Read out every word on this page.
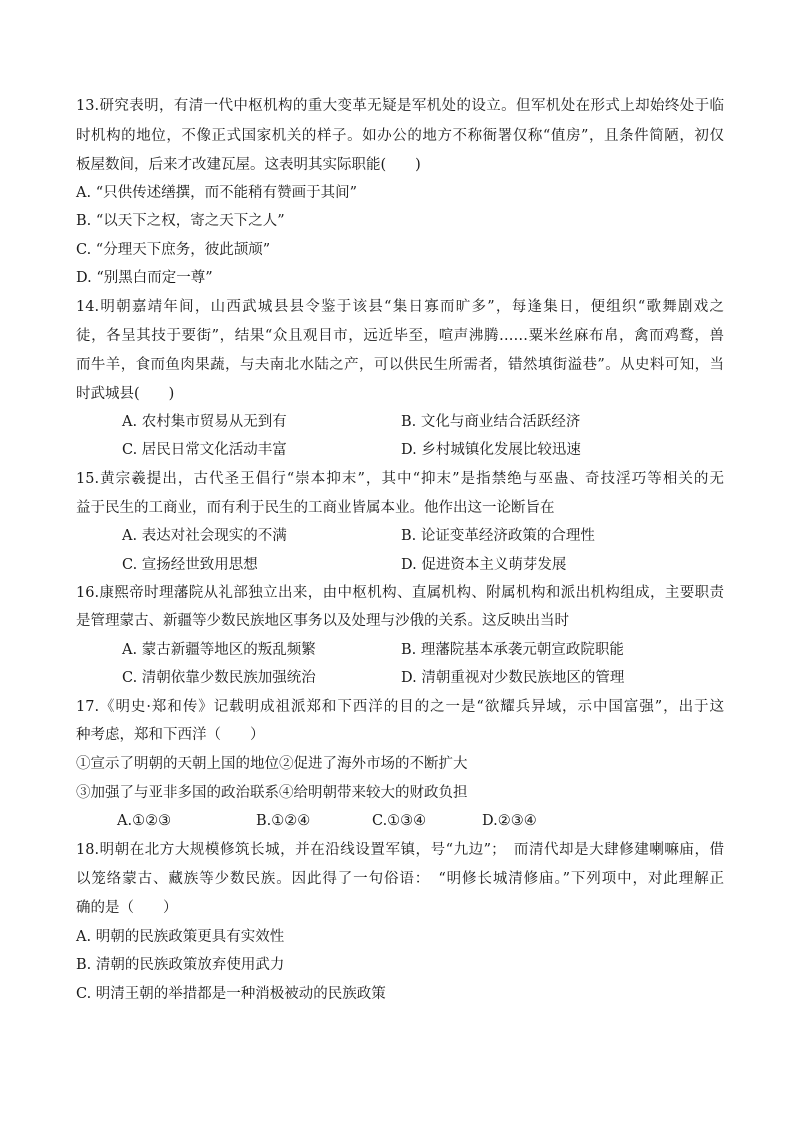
13.研究表明，有清一代中枢机构的重大变革无疑是军机处的设立。但军机处在形式上却始终处于临
时机构的地位，不像正式国家机关的样子。如办公的地方不称衙署仅称“值房”，且条件简陋，初仅
板屋数间，后来才改建瓦屋。这表明其实际职能(　　)
A. “只供传述缮撰，而不能稍有赞画于其间”
B. “以天下之权，寄之天下之人”
C. “分理天下庶务，彼此颉颃”
D. “别黑白而定一尊”
14.明朝嘉靖年间，山西武城县县令鉴于该县“集日寡而旷多”，每逢集日，便组织“歌舞剧戏之
徒，各呈其技于要街”，结果“众且观目市，远近毕至，喧声沸腾……粟米丝麻布帛，禽而鸡鹜，兽
而牛羊，食而鱼肉果蔬，与夫南北水陆之产，可以供民生所需者，错然填街溢巷”。从史料可知，当
时武城县(　　)
A. 农村集市贸易从无到有	B. 文化与商业结合活跃经济
C. 居民日常文化活动丰富	D. 乡村城镇化发展比较迅速
15.黄宗羲提出，古代圣王倡行“崇本抑末”，其中“抑末”是指禁绝与巫蛊、奇技淫巧等相关的无
益于民生的工商业，而有利于民生的工商业皆属本业。他作出这一论断旨在
A. 表达对社会现实的不满	B. 论证变革经济政策的合理性
C. 宣扬经世致用思想	D. 促进资本主义萌芽发展
16.康熙帝时理藩院从礼部独立出来，由中枢机构、直属机构、附属机构和派出机构组成，主要职责
是管理蒙古、新疆等少数民族地区事务以及处理与沙俄的关系。这反映出当时
A. 蒙古新疆等地区的叛乱频繁	B. 理藩院基本承袭元朝宣政院职能
C. 清朝依靠少数民族加强统治	D. 清朝重视对少数民族地区的管理
17.《明史·郑和传》记载明成祖派郑和下西洋的目的之一是“欲耀兵异域，示中国富强”，出于这
种考虑，郑和下西洋（　　）
①宣示了明朝的天朝上国的地位②促进了海外市场的不断扩大
③加强了与亚非多国的政治联系④给明朝带来较大的财政负担
A.①②③	B.①②④	C.①③④	D.②③④
18.明朝在北方大规模修筑长城，并在沿线设置军镇，号“九边”；　而清代却是大肆修建喇嘛庙，借
以笼络蒙古、藏族等少数民族。因此得了一句俗语：　“明修长城清修庙。”下列项中，对此理解正
确的是（　　）
A. 明朝的民族政策更具有实效性
B. 清朝的民族政策放弃使用武力
C. 明清王朝的举措都是一种消极被动的民族政策
